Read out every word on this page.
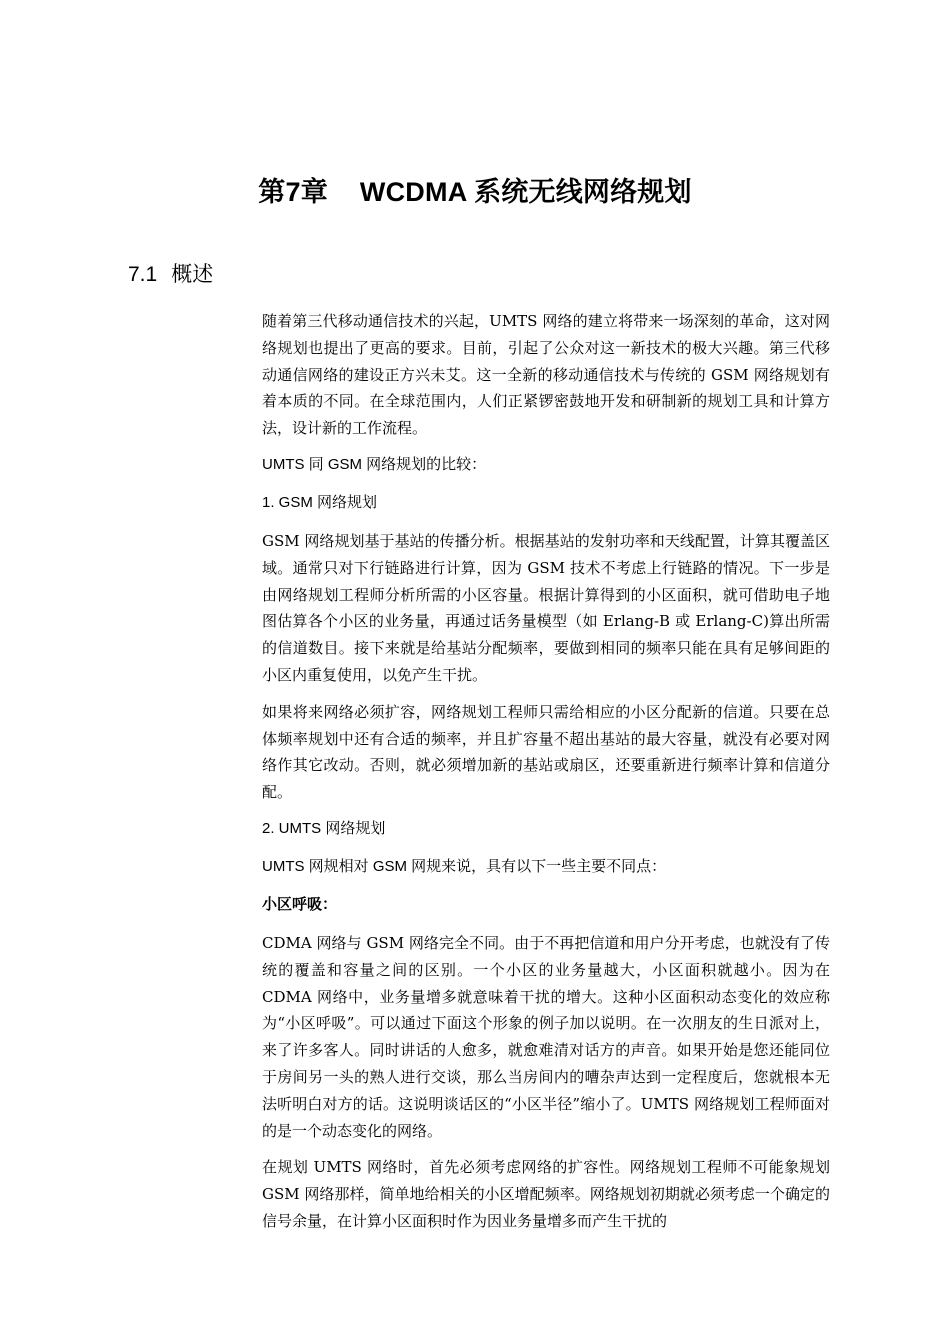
第7章 WCDMA 系统无线网络规划
7.1 概述

随着第三代移动通信技术的兴起，UMTS 网络的建立将带来一场深刻的革命，这对网络规划也提出了更高的要求。目前，引起了公众对这一新技术的极大兴趣。第三代移动通信网络的建设正方兴未艾。这一全新的移动通信技术与传统的 GSM 网络规划有着本质的不同。在全球范围内，人们正紧锣密鼓地开发和研制新的规划工具和计算方法，设计新的工作流程。

UMTS 同 GSM 网络规划的比较：

1. GSM 网络规划

GSM 网络规划基于基站的传播分析。根据基站的发射功率和天线配置，计算其覆盖区域。通常只对下行链路进行计算，因为 GSM 技术不考虑上行链路的情况。下一步是由网络规划工程师分析所需的小区容量。根据计算得到的小区面积，就可借助电子地图估算各个小区的业务量，再通过话务量模型（如 Erlang-B 或 Erlang-C)算出所需的信道数目。接下来就是给基站分配频率，要做到相同的频率只能在具有足够间距的小区内重复使用，以免产生干扰。

如果将来网络必须扩容，网络规划工程师只需给相应的小区分配新的信道。只要在总体频率规划中还有合适的频率，并且扩容量不超出基站的最大容量，就没有必要对网络作其它改动。否则，就必须增加新的基站或扇区，还要重新进行频率计算和信道分配。

2. UMTS 网络规划

UMTS 网规相对 GSM 网规来说，具有以下一些主要不同点：

小区呼吸：

CDMA 网络与 GSM 网络完全不同。由于不再把信道和用户分开考虑，也就没有了传统的覆盖和容量之间的区别。一个小区的业务量越大，小区面积就越小。因为在 CDMA 网络中，业务量增多就意味着干扰的增大。这种小区面积动态变化的效应称为“小区呼吸”。可以通过下面这个形象的例子加以说明。在一次朋友的生日派对上，来了许多客人。同时讲话的人愈多，就愈难清对话方的声音。如果开始是您还能同位于房间另一头的熟人进行交谈，那么当房间内的嘈杂声达到一定程度后，您就根本无法听明白对方的话。这说明谈话区的“小区半径”缩小了。UMTS 网络规划工程师面对的是一个动态变化的网络。

在规划 UMTS 网络时，首先必须考虑网络的扩容性。网络规划工程师不可能象规划 GSM 网络那样，简单地给相关的小区增配频率。网络规划初期就必须考虑一个确定的信号余量，在计算小区面积时作为因业务量增多而产生干扰的
